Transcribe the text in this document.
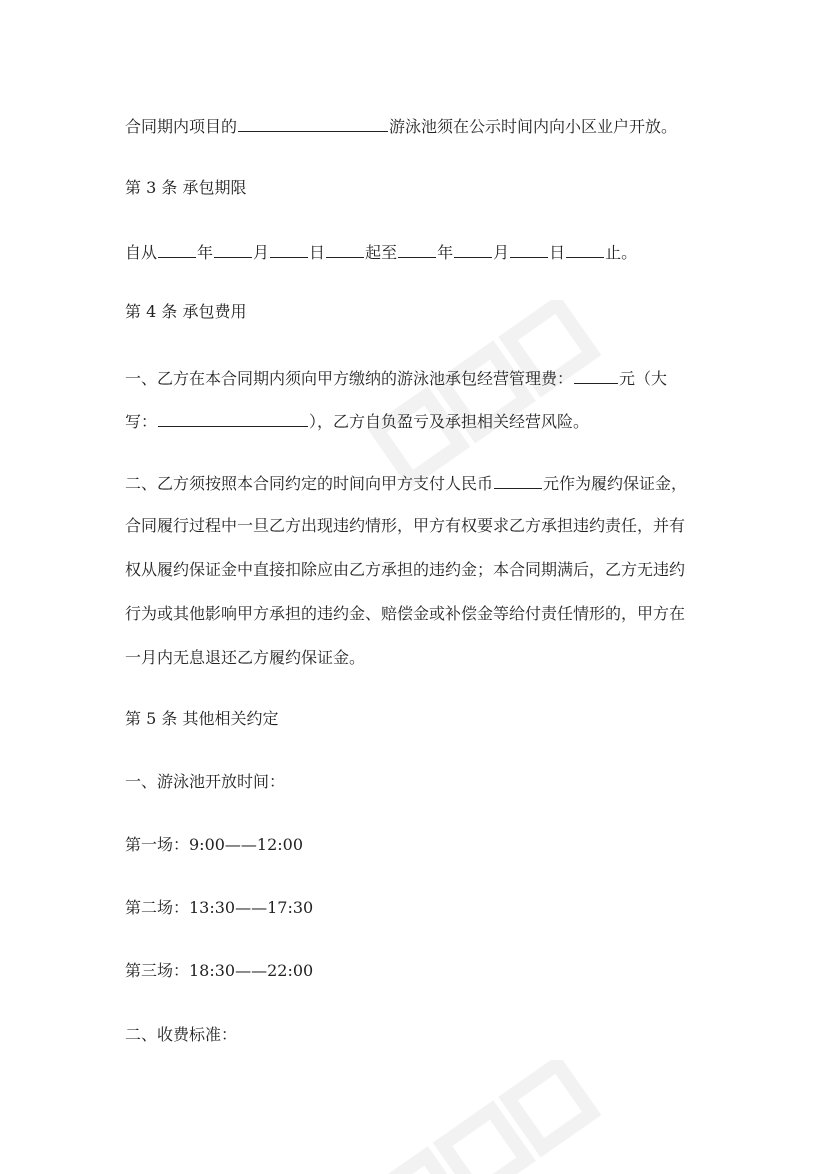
合同期内项目的	游泳池须在公示时间内向小区业户开放。
第 3 条 承包期限
自从	年	月	日	起至	年	月	日	止。
第 4 条 承包费用
一、乙方在本合同期内须向甲方缴纳的游泳池承包经营管理费：	元（大
写：	），乙方自负盈亏及承担相关经营风险。
二、乙方须按照本合同约定的时间向甲方支付人民币	元作为履约保证金，
合同履行过程中一旦乙方出现违约情形，甲方有权要求乙方承担违约责任，并有
权从履约保证金中直接扣除应由乙方承担的违约金；本合同期满后，乙方无违约
行为或其他影响甲方承担的违约金、赔偿金或补偿金等给付责任情形的，甲方在
一月内无息退还乙方履约保证金。
第 5 条 其他相关约定
一、游泳池开放时间：
第一场：9:00——12:00
第二场：13:30——17:30
第三场：18:30——22:00
二、收费标准：
